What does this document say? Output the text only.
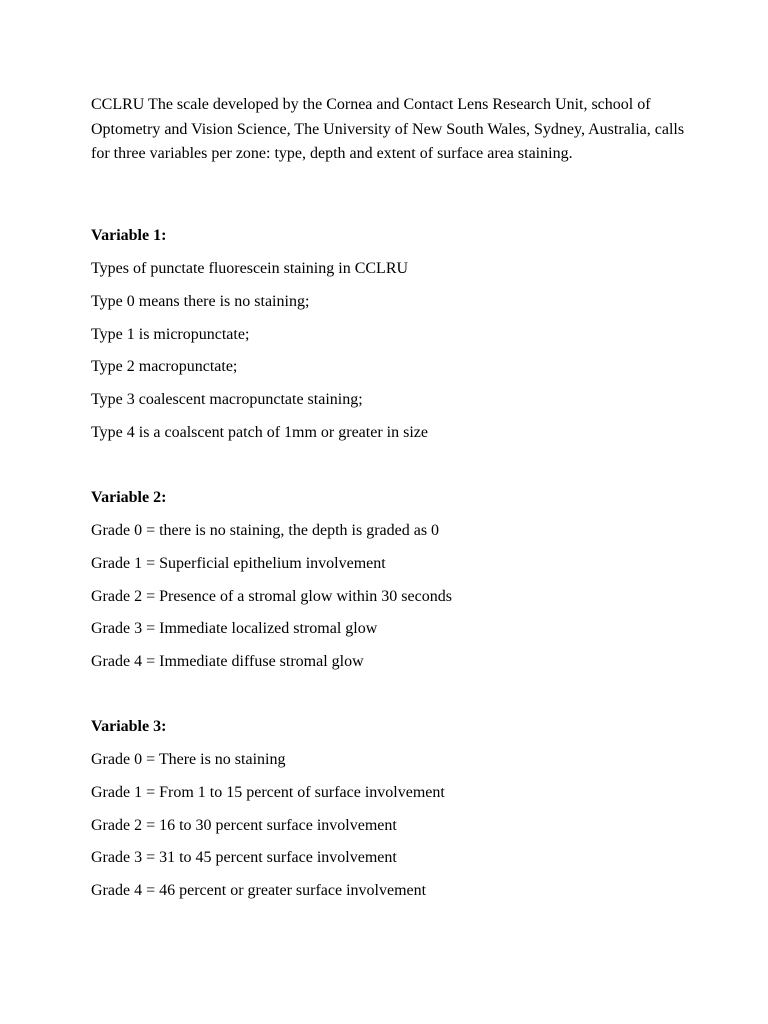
CCLRU The scale developed by the Cornea and Contact Lens Research Unit, school of Optometry and Vision Science, The University of New South Wales, Sydney, Australia, calls for three variables per zone: type, depth and extent of surface area staining.

Variable 1:
Types of punctate fluorescein staining in CCLRU
Type 0 means there is no staining;
Type 1 is micropunctate;
Type 2 macropunctate;
Type 3 coalescent macropunctate staining;
Type 4 is a coalscent patch of 1mm or greater in size
Variable 2:
Grade 0 = there is no staining, the depth is graded as 0
Grade 1 = Superficial epithelium involvement
Grade 2 = Presence of a stromal glow within 30 seconds
Grade 3 = Immediate localized stromal glow
Grade 4 = Immediate diffuse stromal glow
Variable 3:
Grade 0 = There is no staining
Grade 1 = From 1 to 15 percent of surface involvement
Grade 2 = 16 to 30 percent surface involvement
Grade 3 = 31 to 45 percent surface involvement
Grade 4 = 46 percent or greater surface involvement
